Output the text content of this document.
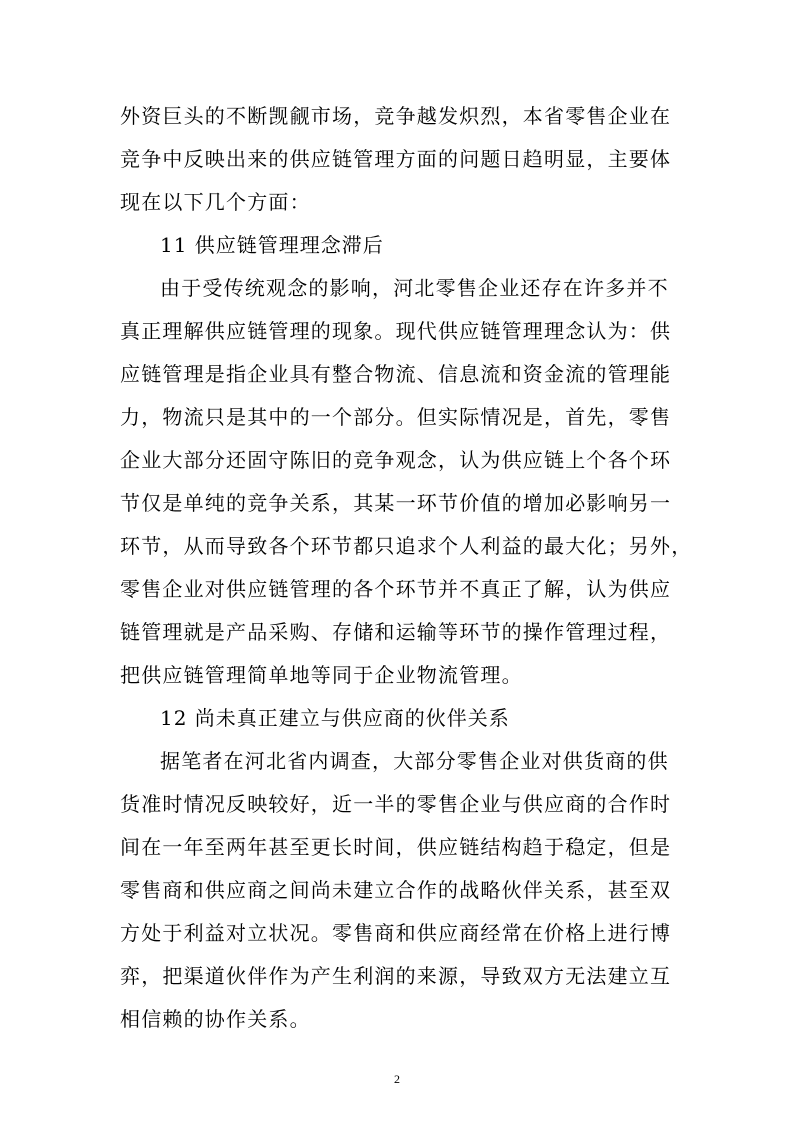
外资巨头的不断觊觎市场，竞争越发炽烈，本省零售企业在
竞争中反映出来的供应链管理方面的问题日趋明显，主要体
现在以下几个方面：
11 供应链管理理念滞后
由于受传统观念的影响，河北零售企业还存在许多并不
真正理解供应链管理的现象。现代供应链管理理念认为：供
应链管理是指企业具有整合物流、信息流和资金流的管理能
力，物流只是其中的一个部分。但实际情况是，首先，零售
企业大部分还固守陈旧的竞争观念，认为供应链上个各个环
节仅是单纯的竞争关系，其某一环节价值的增加必影响另一
环节，从而导致各个环节都只追求个人利益的最大化；另外，
零售企业对供应链管理的各个环节并不真正了解，认为供应
链管理就是产品采购、存储和运输等环节的操作管理过程，
把供应链管理简单地等同于企业物流管理。
12 尚未真正建立与供应商的伙伴关系
据笔者在河北省内调查，大部分零售企业对供货商的供
货准时情况反映较好，近一半的零售企业与供应商的合作时
间在一年至两年甚至更长时间，供应链结构趋于稳定，但是
零售商和供应商之间尚未建立合作的战略伙伴关系，甚至双
方处于利益对立状况。零售商和供应商经常在价格上进行博
弈，把渠道伙伴作为产生利润的来源，导致双方无法建立互
2
相信赖的协作关系。
